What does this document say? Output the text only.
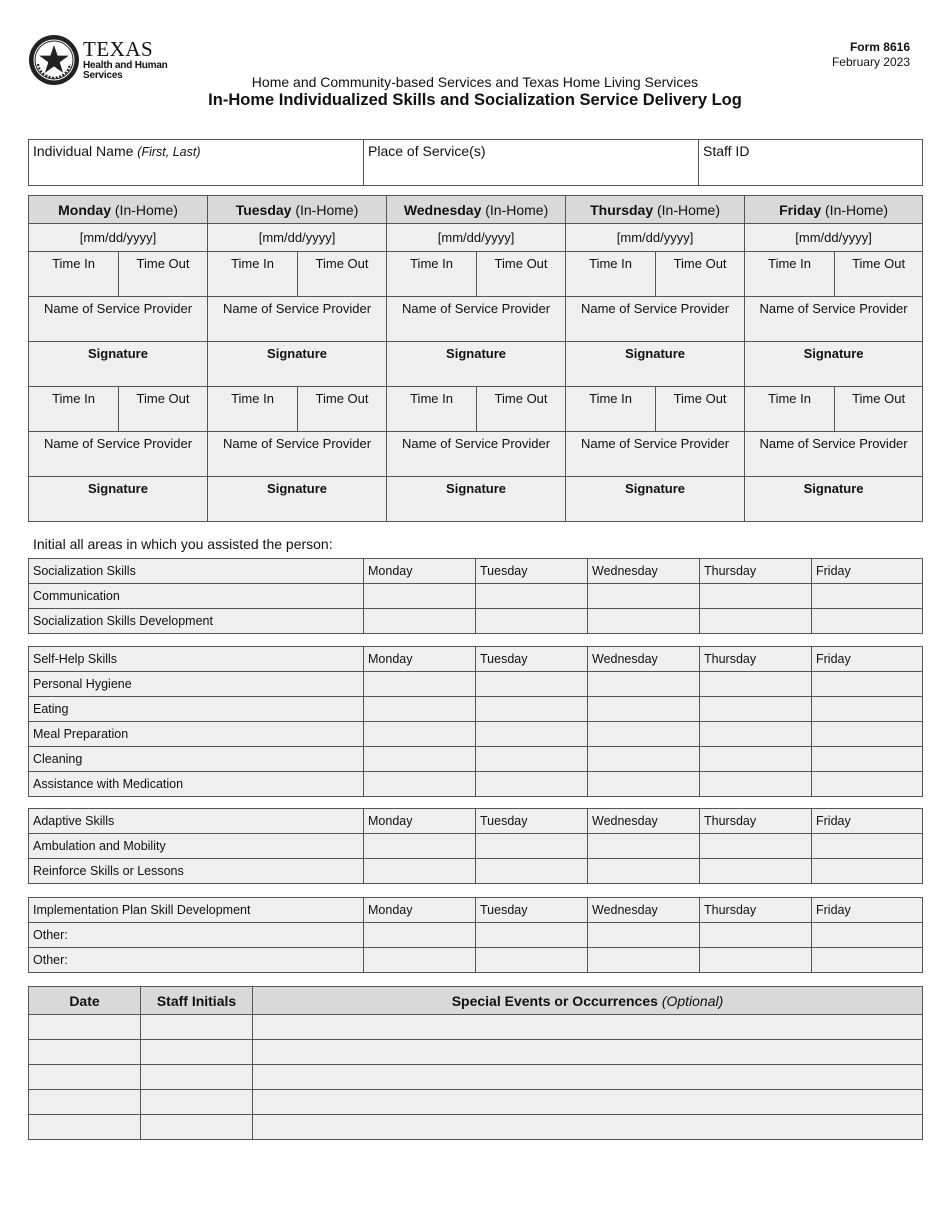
TEXAS
Health and Human
Services
Form 8616
February 2023
Home and Community-based Services and Texas Home Living Services
In-Home Individualized Skills and Socialization Service Delivery Log
Individual Name (First, Last)	Place of Service(s)	Staff ID
Monday (In-Home)		Tuesday (In-Home)		Wednesday (In-Home)		Thursday (In-Home)		Friday (In-Home)	
[mm/dd/yyyy]		[mm/dd/yyyy]		[mm/dd/yyyy]		[mm/dd/yyyy]		[mm/dd/yyyy]	
Time In	Time Out	Time In	Time Out	Time In	Time Out	Time In	Time Out	Time In	Time Out
Name of Service Provider		Name of Service Provider		Name of Service Provider		Name of Service Provider		Name of Service Provider	
Signature		Signature		Signature		Signature		Signature	
Time In	Time Out	Time In	Time Out	Time In	Time Out	Time In	Time Out	Time In	Time Out
Name of Service Provider		Name of Service Provider		Name of Service Provider		Name of Service Provider		Name of Service Provider	
Signature		Signature		Signature		Signature		Signature	
Initial all areas in which you assisted the person:
Socialization Skills	Monday	Tuesday	Wednesday	Thursday	Friday
Communication					
Socialization Skills Development					
Self-Help Skills	Monday	Tuesday	Wednesday	Thursday	Friday
Personal Hygiene					
Eating					
Meal Preparation					
Cleaning					
Assistance with Medication					
Adaptive Skills	Monday	Tuesday	Wednesday	Thursday	Friday
Ambulation and Mobility					
Reinforce Skills or Lessons					
Implementation Plan Skill Development	Monday	Tuesday	Wednesday	Thursday	Friday
Other:					
Other:					
Date	Staff Initials	Special Events or Occurrences (Optional)
